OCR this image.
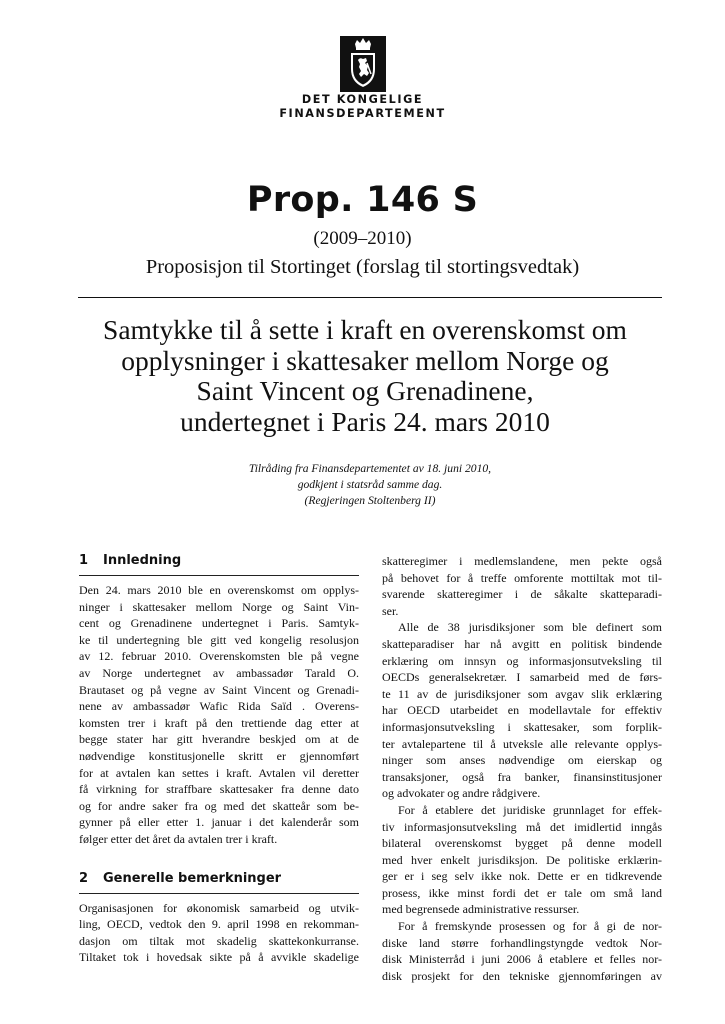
DET KONGELIGE
FINANSDEPARTEMENT
Prop. 146 S
(2009–2010)
Proposisjon til Stortinget (forslag til stortingsvedtak)
Samtykke til å sette i kraft en overenskomst om
opplysninger i skattesaker mellom Norge og
Saint Vincent og Grenadinene,
undertegnet i Paris 24. mars 2010
Tilråding fra Finansdepartementet av 18. juni 2010,
godkjent i statsråd samme dag.
(Regjeringen Stoltenberg II)
1 Innledning
Den 24. mars 2010 ble en overenskomst om opplys-
ninger i skattesaker mellom Norge og Saint Vin-
cent og Grenadinene undertegnet i Paris. Samtyk-
ke til undertegning ble gitt ved kongelig resolusjon
av 12. februar 2010. Overenskomsten ble på vegne
av Norge undertegnet av ambassadør Tarald O.
Brautaset og på vegne av Saint Vincent og Grenadi-
nene av ambassadør Wafic Rida Saïd . Overens-
komsten trer i kraft på den trettiende dag etter at
begge stater har gitt hverandre beskjed om at de
nødvendige konstitusjonelle skritt er gjennomført
for at avtalen kan settes i kraft. Avtalen vil deretter
få virkning for straffbare skattesaker fra denne dato
og for andre saker fra og med det skatteår som be-
gynner på eller etter 1. januar i det kalenderår som
følger etter det året da avtalen trer i kraft.
2 Generelle bemerkninger
Organisasjonen for økonomisk samarbeid og utvik-
ling, OECD, vedtok den 9. april 1998 en rekomman-
dasjon om tiltak mot skadelig skattekonkurranse.
Tiltaket tok i hovedsak sikte på å avvikle skadelige
skatteregimer i medlemslandene, men pekte også
på behovet for å treffe omforente mottiltak mot til-
svarende skatteregimer i de såkalte skatteparadi-
ser.
Alle de 38 jurisdiksjoner som ble definert som
skatteparadiser har nå avgitt en politisk bindende
erklæring om innsyn og informasjonsutveksling til
OECDs generalsekretær. I samarbeid med de førs-
te 11 av de jurisdiksjoner som avgav slik erklæring
har OECD utarbeidet en modellavtale for effektiv
informasjonsutveksling i skattesaker, som forplik-
ter avtalepartene til å utveksle alle relevante opplys-
ninger som anses nødvendige om eierskap og
transaksjoner, også fra banker, finansinstitusjoner
og advokater og andre rådgivere.
For å etablere det juridiske grunnlaget for effek-
tiv informasjonsutveksling må det imidlertid inngås
bilateral overenskomst bygget på denne modell
med hver enkelt jurisdiksjon. De politiske erklærin-
ger er i seg selv ikke nok. Dette er en tidkrevende
prosess, ikke minst fordi det er tale om små land
med begrensede administrative ressurser.
For å fremskynde prosessen og for å gi de nor-
diske land større forhandlingstyngde vedtok Nor-
disk Ministerråd i juni 2006 å etablere et felles nor-
disk prosjekt for den tekniske gjennomføringen av
